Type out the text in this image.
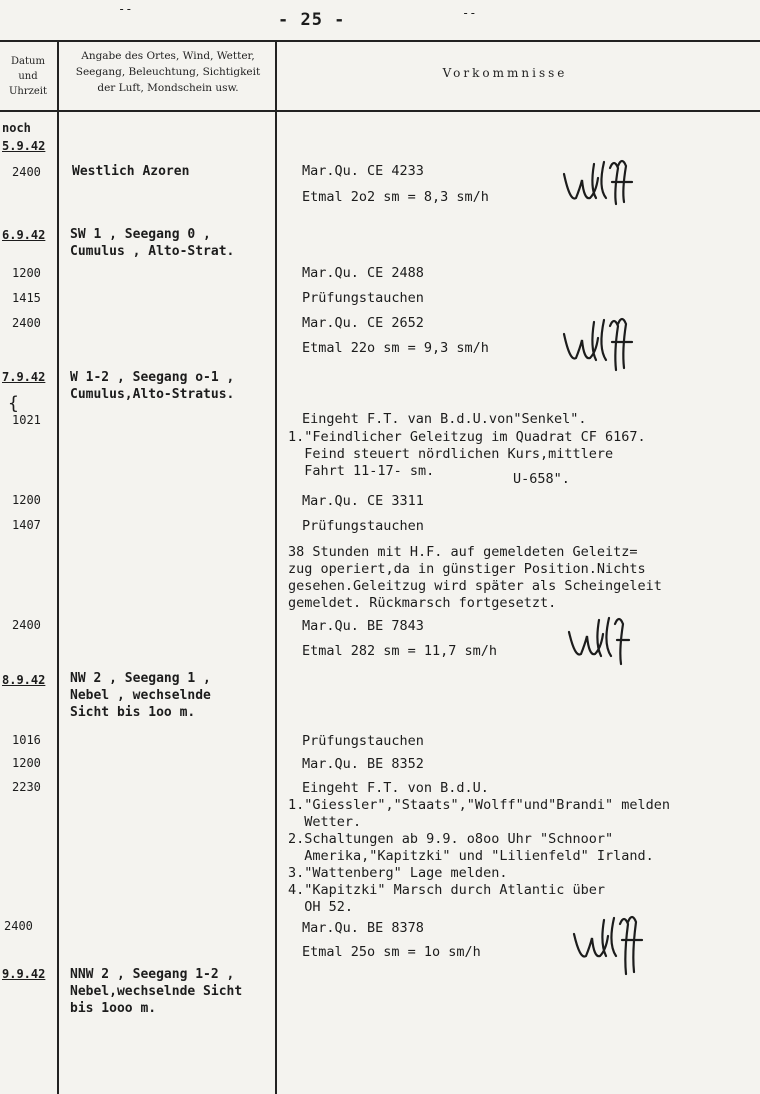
- 25 -
Datum
und
Uhrzeit
Angabe des Ortes, Wind, Wetter,
Seegang, Beleuchtung, Sichtigkeit
der Luft, Mondschein usw.
Vorkommnisse
noch
5.9.42
2400
6.9.42
1200
1415
2400
7.9.42
1021
1200
1407
2400
8.9.42
1016
1200
2230
2400
9.9.42
Westlich Azoren
SW 1 , Seegang 0 ,
Cumulus , Alto-Strat.
W 1-2 , Seegang o-1 ,
Cumulus,Alto-Stratus.
NW 2 , Seegang 1 ,
Nebel , wechselnde
Sicht bis 1oo m.
NNW 2 , Seegang 1-2 ,
Nebel,wechselnde Sicht
bis 1ooo m.
Mar.Qu. CE 4233
Etmal 2o2 sm = 8,3 sm/h
Mar.Qu. CE 2488
Prüfungstauchen
Mar.Qu. CE 2652
Etmal 22o sm = 9,3 sm/h
Eingeht F.T. van B.d.U.von"Senkel".
1."Feindlicher Geleitzug im Quadrat CF 6167.
Feind steuert nördlichen Kurs,mittlere
Fahrt 11-17- sm.	U-658".
Mar.Qu. CE 3311
Prüfungstauchen
38 Stunden mit H.F. auf gemeldeten Geleitz=
zug operiert,da in günstiger Position.Nichts
gesehen.Geleitzug wird später als Scheingeleit
gemeldet. Rückmarsch fortgesetzt.
Mar.Qu. BE 7843
Etmal 282 sm = 11,7 sm/h
Prüfungstauchen
Mar.Qu. BE 8352
Eingeht F.T. von B.d.U.
1."Giessler","Staats","Wolff"und"Brandi" melden
Wetter.
2.Schaltungen ab 9.9. o8oo Uhr "Schnoor"
Amerika,"Kapitzki" und "Lilienfeld" Irland.
3."Wattenberg" Lage melden.
4."Kapitzki" Marsch durch Atlantic über
OH 52.
Mar.Qu. BE 8378
Etmal 25o sm = 1o sm/h
--	--
{
